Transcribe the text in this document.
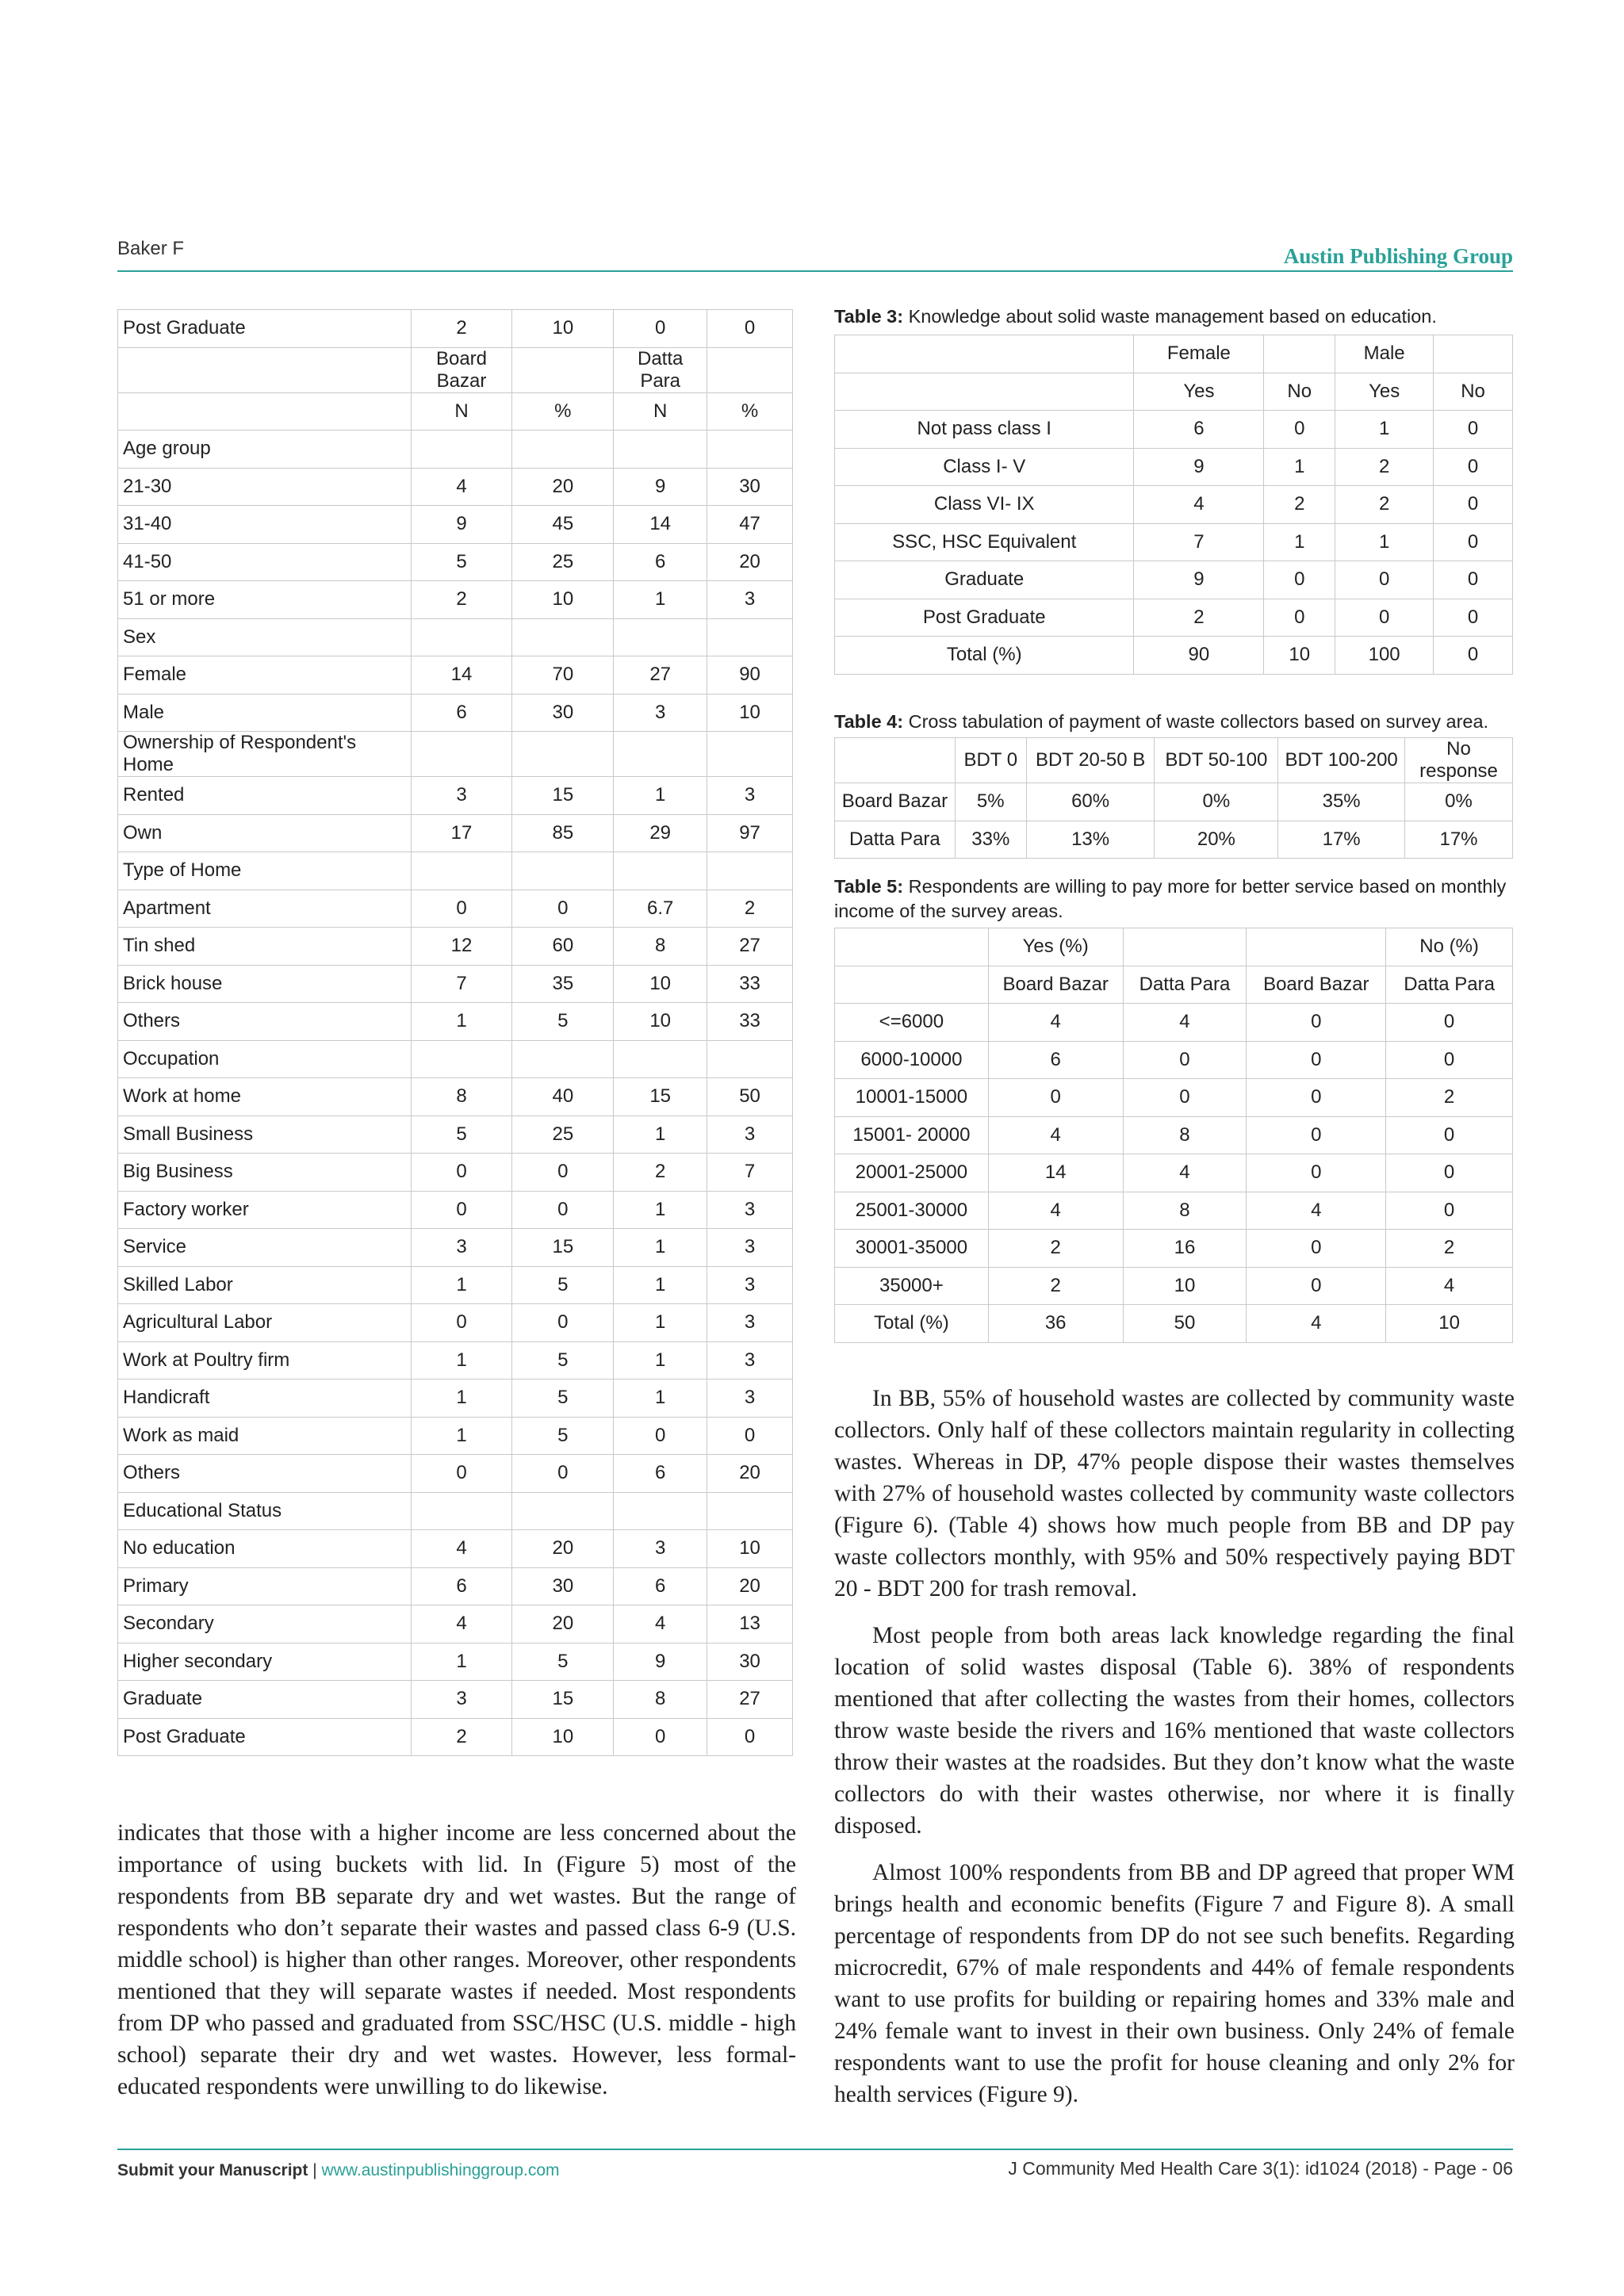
Baker F	Austin Publishing Group
Post Graduate	2	10	0	0
	Board Bazar		Datta Para	
	N	%	N	%
Age group				
21-30	4	20	9	30
31-40	9	45	14	47
41-50	5	25	6	20
51 or more	2	10	1	3
Sex				
Female	14	70	27	90
Male	6	30	3	10
Ownership of Respondent's Home				
Rented	3	15	1	3
Own	17	85	29	97
Type of Home				
Apartment	0	0	6.7	2
Tin shed	12	60	8	27
Brick house	7	35	10	33
Others	1	5	10	33
Occupation				
Work at home	8	40	15	50
Small Business	5	25	1	3
Big Business	0	0	2	7
Factory worker	0	0	1	3
Service	3	15	1	3
Skilled Labor	1	5	1	3
Agricultural Labor	0	0	1	3
Work at Poultry firm	1	5	1	3
Handicraft	1	5	1	3
Work as maid	1	5	0	0
Others	0	0	6	20
Educational Status				
No education	4	20	3	10
Primary	6	30	6	20
Secondary	4	20	4	13
Higher secondary	1	5	9	30
Graduate	3	15	8	27
Post Graduate	2	10	0	0
Table 3: Knowledge about solid waste management based on education.
	Female		Male	
	Yes	No	Yes	No
Not pass class I	6	0	1	0
Class I- V	9	1	2	0
Class VI- IX	4	2	2	0
SSC, HSC Equivalent	7	1	1	0
Graduate	9	0	0	0
Post Graduate	2	0	0	0
Total (%)	90	10	100	0
Table 4: Cross tabulation of payment of waste collectors based on survey area.
	BDT 0	BDT 20-50 B	BDT 50-100	BDT 100-200	No response
Board Bazar	5%	60%	0%	35%	0%
Datta Para	33%	13%	20%	17%	17%
Table 5: Respondents are willing to pay more for better service based on monthly income of the survey areas.
	Yes (%)			No (%)
	Board Bazar	Datta Para	Board Bazar	Datta Para
<=6000	4	4	0	0
6000-10000	6	0	0	0
10001-15000	0	0	0	2
15001- 20000	4	8	0	0
20001-25000	14	4	0	0
25001-30000	4	8	4	0
30001-35000	2	16	0	2
35000+	2	10	0	4
Total (%)	36	50	4	10

indicates that those with a higher income are less concerned about the importance of using buckets with lid. In (Figure 5) most of the respondents from BB separate dry and wet wastes. But the range of respondents who don’t separate their wastes and passed class 6-9 (U.S. middle school) is higher than other ranges. Moreover, other respondents mentioned that they will separate wastes if needed. Most respondents from DP who passed and graduated from SSC/HSC (U.S. middle - high school) separate their dry and wet wastes. However, less formal-educated respondents were unwilling to do likewise.

In BB, 55% of household wastes are collected by community waste collectors. Only half of these collectors maintain regularity in collecting wastes. Whereas in DP, 47% people dispose their wastes themselves with 27% of household wastes collected by community waste collectors (Figure 6). (Table 4) shows how much people from BB and DP pay waste collectors monthly, with 95% and 50% respectively paying BDT 20 - BDT 200 for trash removal.

Most people from both areas lack knowledge regarding the final location of solid wastes disposal (Table 6). 38% of respondents mentioned that after collecting the wastes from their homes, collectors throw waste beside the rivers and 16% mentioned that waste collectors throw their wastes at the roadsides. But they don’t know what the waste collectors do with their wastes otherwise, nor where it is finally disposed.

Almost 100% respondents from BB and DP agreed that proper WM brings health and economic benefits (Figure 7 and Figure 8). A small percentage of respondents from DP do not see such benefits. Regarding microcredit, 67% of male respondents and 44% of female respondents want to use profits for building or repairing homes and 33% male and 24% female want to invest in their own business. Only 24% of female respondents want to use the profit for house cleaning and only 2% for health services (Figure 9).

Submit your Manuscript | www.austinpublishinggroup.com	J Community Med Health Care 3(1): id1024 (2018) - Page - 06
